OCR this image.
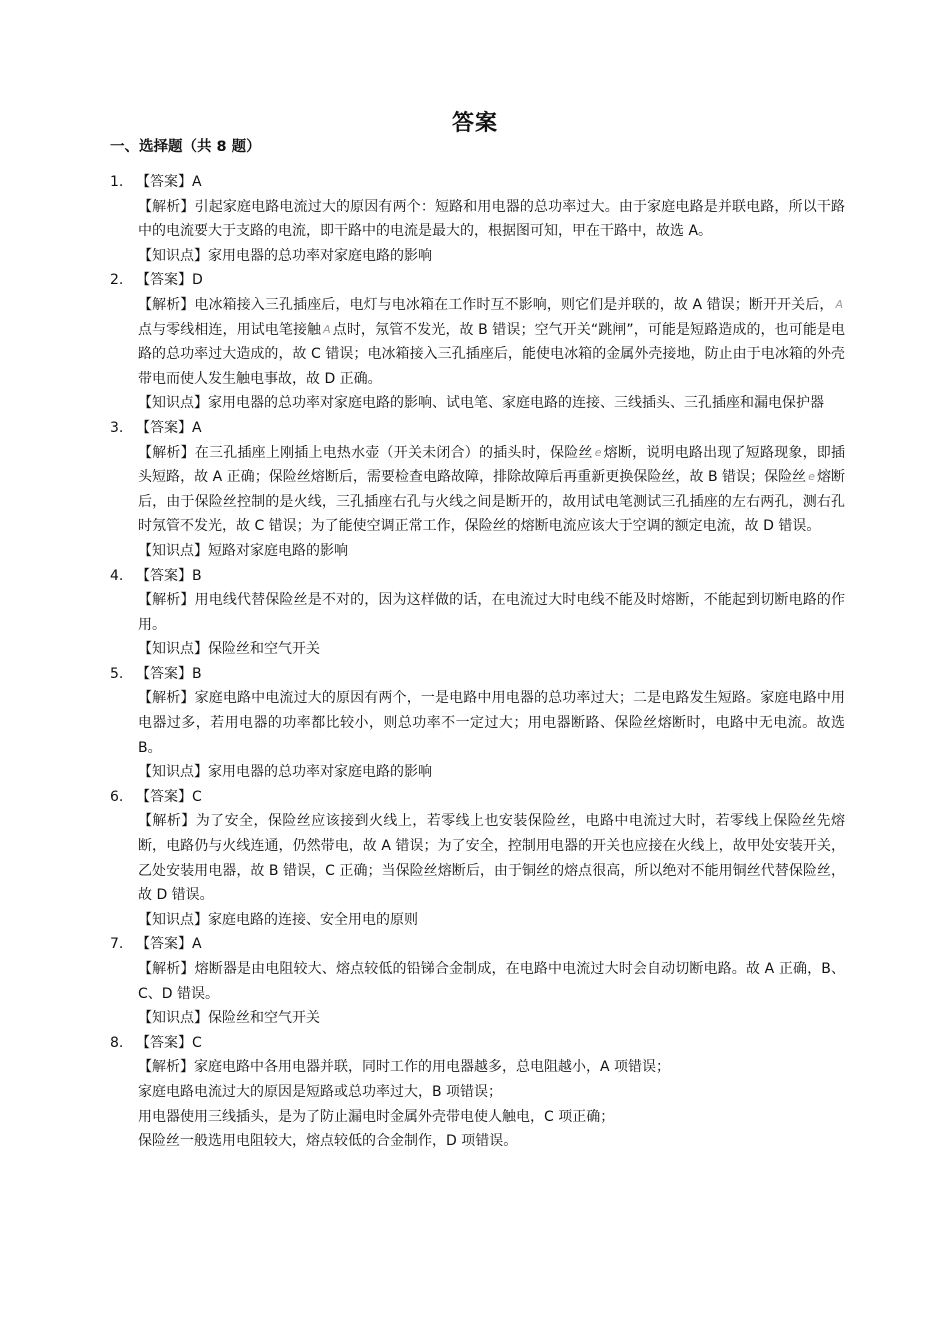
答案
一、选择题（共 8 题）
1. 【答案】A
【解析】引起家庭电路电流过大的原因有两个：短路和用电器的总功率过大。由于家庭电路是并联电路，所以干路中的电流要大于支路的电流，即干路中的电流是最大的，根据图可知，甲在干路中，故选 A。
【知识点】家用电器的总功率对家庭电路的影响
2. 【答案】D
【解析】电冰箱接入三孔插座后，电灯与电冰箱在工作时互不影响，则它们是并联的，故 A 错误；断开开关后， A点与零线相连，用试电笔接触 A 点时，氖管不发光，故 B 错误；空气开关“跳闸”，可能是短路造成的，也可能是电路的总功率过大造成的，故 C 错误；电冰箱接入三孔插座后，能使电冰箱的金属外壳接地，防止由于电冰箱的外壳带电而使人发生触电事故，故 D 正确。
【知识点】家用电器的总功率对家庭电路的影响、试电笔、家庭电路的连接、三线插头、三孔插座和漏电保护器
3. 【答案】A
【解析】在三孔插座上刚插上电热水壶（开关未闭合）的插头时，保险丝 e 熔断，说明电路出现了短路现象，即插头短路，故 A 正确；保险丝熔断后，需要检查电路故障，排除故障后再重新更换保险丝，故 B 错误；保险丝 e 熔断后，由于保险丝控制的是火线，三孔插座右孔与火线之间是断开的，故用试电笔测试三孔插座的左右两孔，测右孔时氖管不发光，故 C 错误；为了能使空调正常工作，保险丝的熔断电流应该大于空调的额定电流，故 D 错误。
【知识点】短路对家庭电路的影响
4. 【答案】B
【解析】用电线代替保险丝是不对的，因为这样做的话，在电流过大时电线不能及时熔断，不能起到切断电路的作用。
【知识点】保险丝和空气开关
5. 【答案】B
【解析】家庭电路中电流过大的原因有两个，一是电路中用电器的总功率过大；二是电路发生短路。家庭电路中用电器过多，若用电器的功率都比较小，则总功率不一定过大；用电器断路、保险丝熔断时，电路中无电流。故选 B。
【知识点】家用电器的总功率对家庭电路的影响
6. 【答案】C
【解析】为了安全，保险丝应该接到火线上，若零线上也安装保险丝，电路中电流过大时，若零线上保险丝先熔断，电路仍与火线连通，仍然带电，故 A 错误；为了安全，控制用电器的开关也应接在火线上，故甲处安装开关，乙处安装用电器，故 B 错误，C 正确；当保险丝熔断后，由于铜丝的熔点很高，所以绝对不能用铜丝代替保险丝，故 D 错误。
【知识点】家庭电路的连接、安全用电的原则
7. 【答案】A
【解析】熔断器是由电阻较大、熔点较低的铅锑合金制成，在电路中电流过大时会自动切断电路。故 A 正确，B、C、D 错误。
【知识点】保险丝和空气开关
8. 【答案】C
【解析】家庭电路中各用电器并联，同时工作的用电器越多，总电阻越小，A 项错误；
家庭电路电流过大的原因是短路或总功率过大，B 项错误；
用电器使用三线插头，是为了防止漏电时金属外壳带电使人触电，C 项正确；
保险丝一般选用电阻较大，熔点较低的合金制作，D 项错误。
